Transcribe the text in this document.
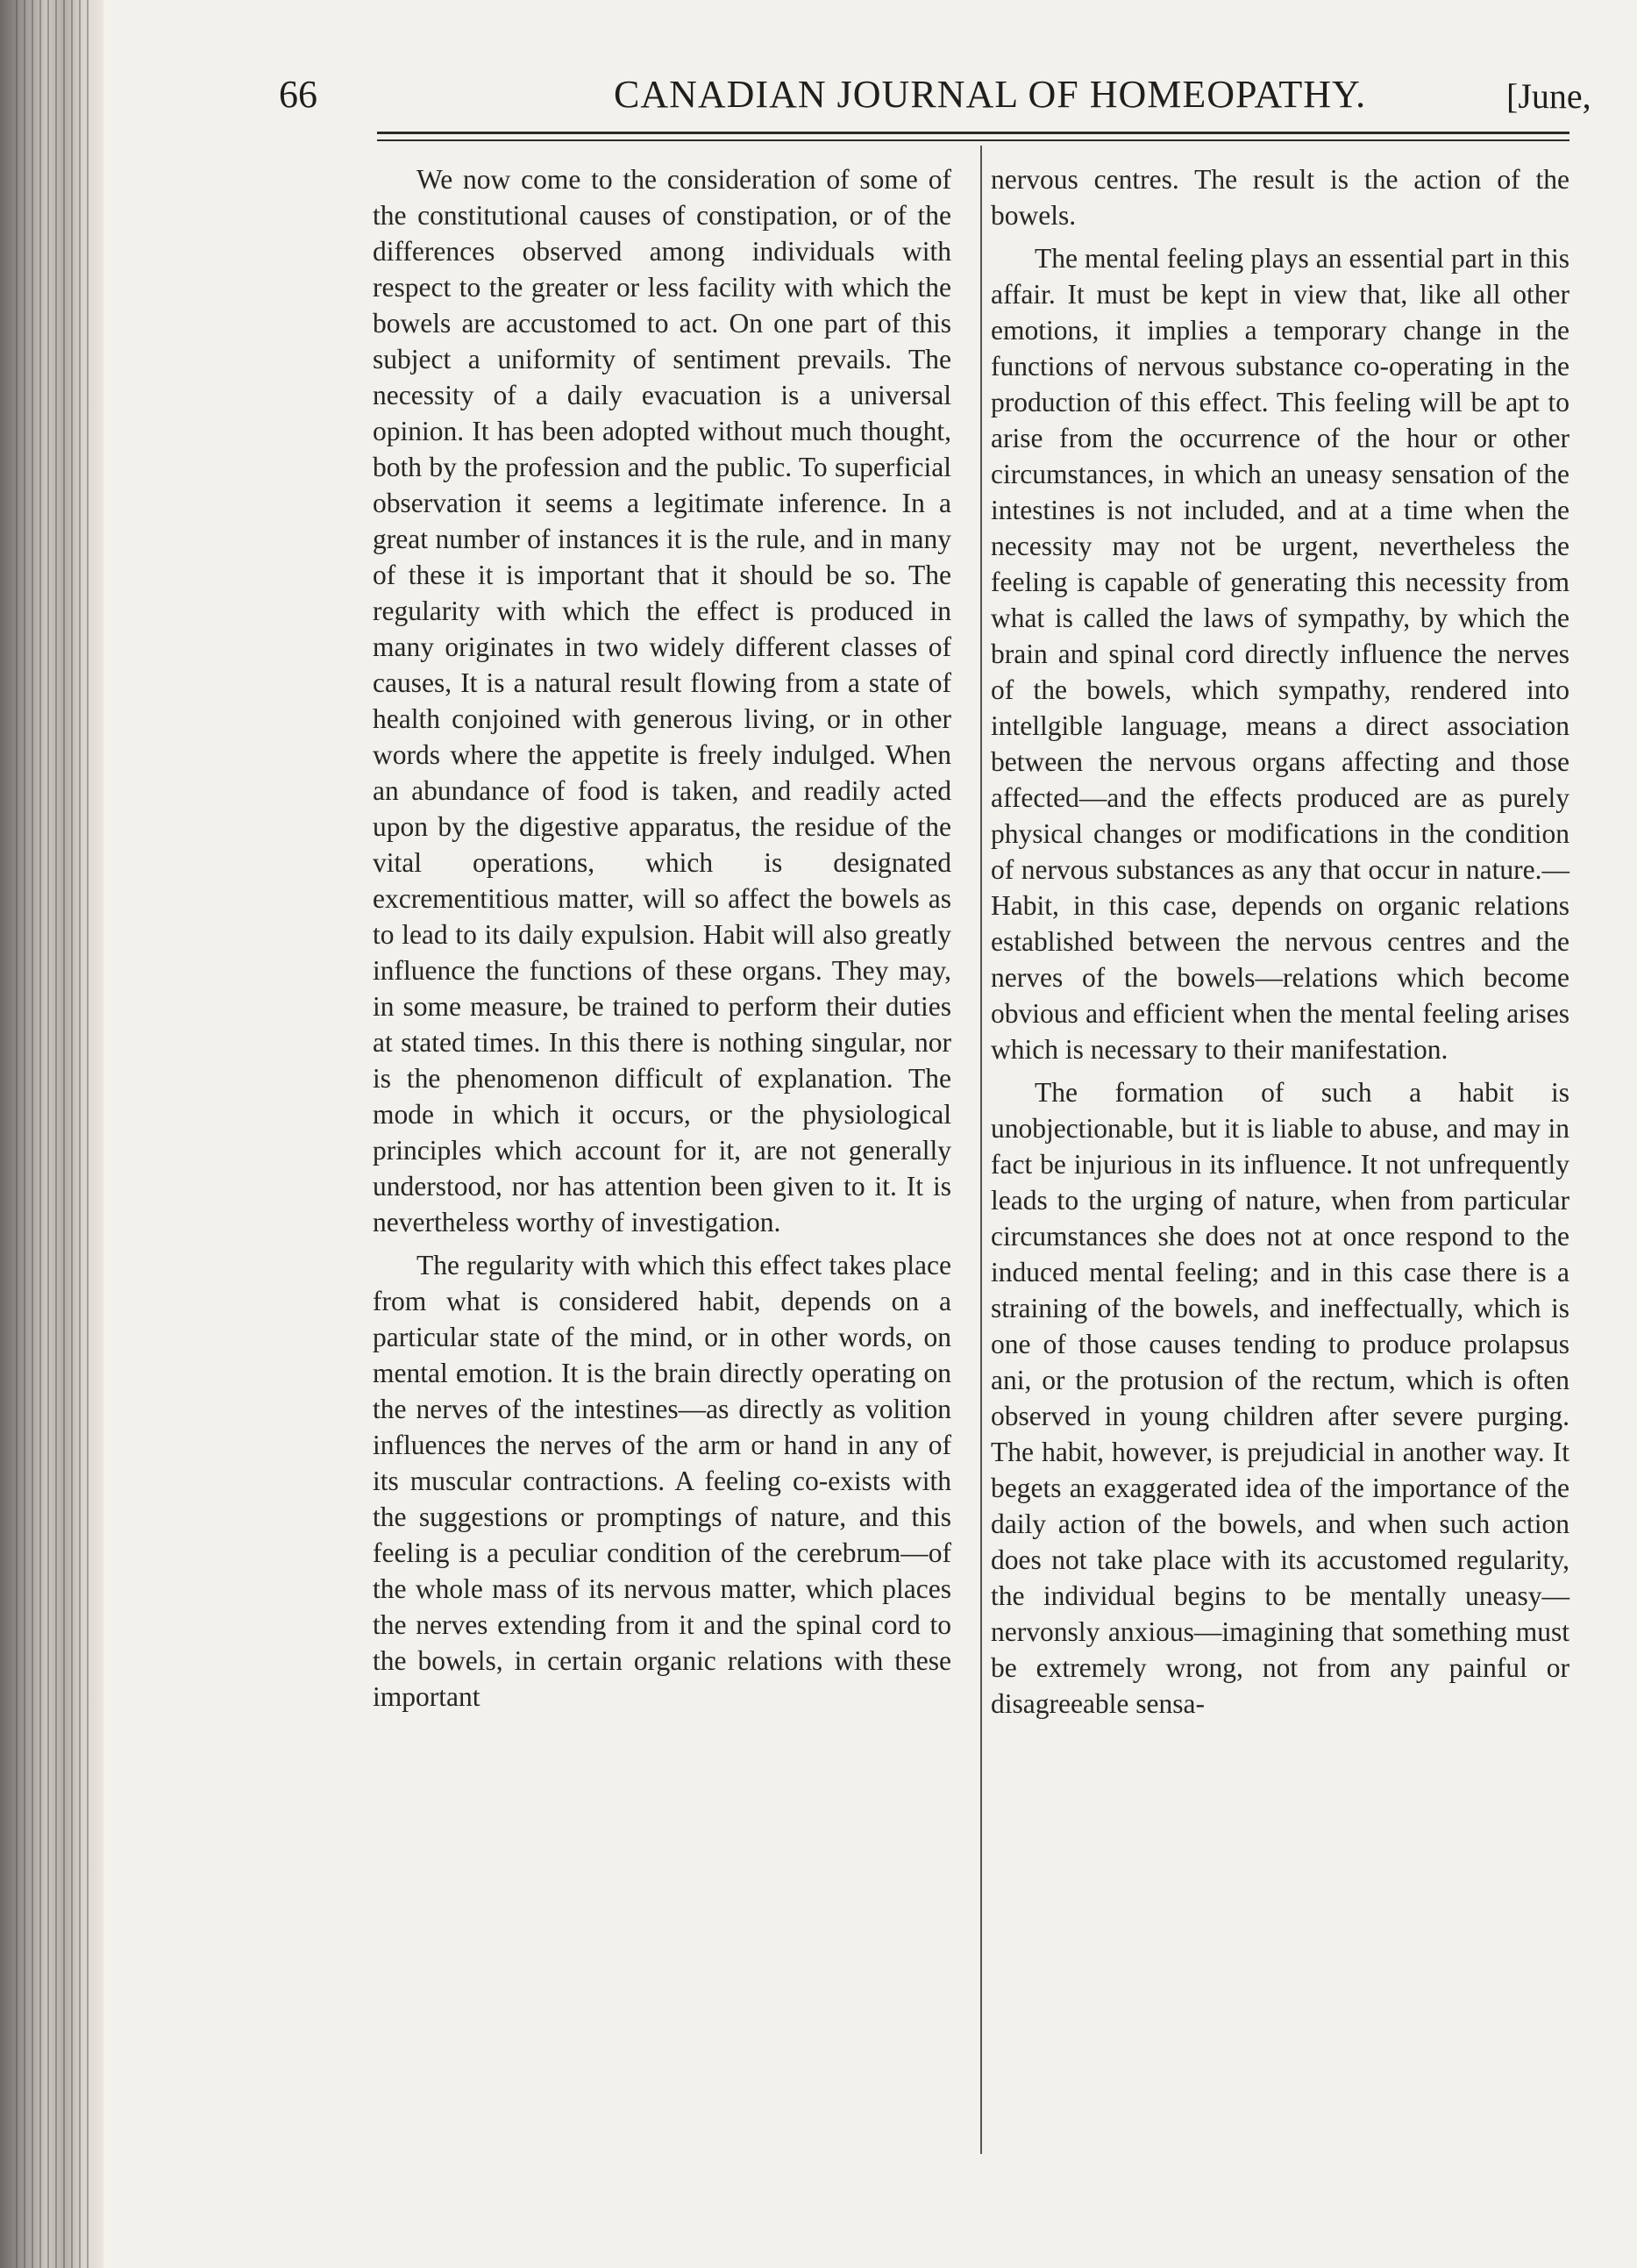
66	CANADIAN JOURNAL OF HOMEOPATHY.	[June,

We now come to the consideration of some of the constitutional causes of constipation, or of the differences observed among individuals with respect to the greater or less facility with which the bowels are accustomed to act. On one part of this subject a uniformity of sentiment prevails. The necessity of a daily evacuation is a universal opinion. It has been adopted without much thought, both by the profession and the public. To superficial observation it seems a legitimate inference. In a great number of instances it is the rule, and in many of these it is important that it should be so. The regularity with which the effect is produced in many originates in two widely different classes of causes, It is a natural result flowing from a state of health conjoined with generous living, or in other words where the appetite is freely indulged. When an abundance of food is taken, and readily acted upon by the digestive apparatus, the residue of the vital operations, which is designated excrementitious matter, will so affect the bowels as to lead to its daily expulsion. Habit will also greatly influence the functions of these organs. They may, in some measure, be trained to perform their duties at stated times. In this there is nothing singular, nor is the phenomenon difficult of explanation. The mode in which it occurs, or the physiological principles which account for it, are not generally understood, nor has attention been given to it. It is nevertheless worthy of investigation.

The regularity with which this effect takes place from what is considered habit, depends on a particular state of the mind, or in other words, on mental emotion. It is the brain directly operating on the nerves of the intestines—as directly as volition influences the nerves of the arm or hand in any of its muscular contractions. A feeling co-exists with the suggestions or promptings of nature, and this feeling is a peculiar condition of the cerebrum—of the whole mass of its nervous matter, which places the nerves extending from it and the spinal cord to the bowels, in certain organic relations with these important

nervous centres. The result is the action of the bowels.

The mental feeling plays an essential part in this affair. It must be kept in view that, like all other emotions, it implies a temporary change in the functions of nervous substance co-operating in the production of this effect. This feeling will be apt to arise from the occurrence of the hour or other circumstances, in which an uneasy sensation of the intestines is not included, and at a time when the necessity may not be urgent, nevertheless the feeling is capable of generating this necessity from what is called the laws of sympathy, by which the brain and spinal cord directly influence the nerves of the bowels, which sympathy, rendered into intellgible language, means a direct association between the nervous organs affecting and those affected—and the effects produced are as purely physical changes or modifications in the condition of nervous substances as any that occur in nature.—Habit, in this case, depends on organic relations established between the nervous centres and the nerves of the bowels—relations which become obvious and efficient when the mental feeling arises which is necessary to their manifestation.

The formation of such a habit is unobjectionable, but it is liable to abuse, and may in fact be injurious in its influence. It not unfrequently leads to the urging of nature, when from particular circumstances she does not at once respond to the induced mental feeling; and in this case there is a straining of the bowels, and ineffectually, which is one of those causes tending to produce prolapsus ani, or the protusion of the rectum, which is often observed in young children after severe purging. The habit, however, is prejudicial in another way. It begets an exaggerated idea of the importance of the daily action of the bowels, and when such action does not take place with its accustomed regularity, the individual begins to be mentally uneasy—nervonsly anxious—imagining that something must be extremely wrong, not from any painful or disagreeable sensa-
